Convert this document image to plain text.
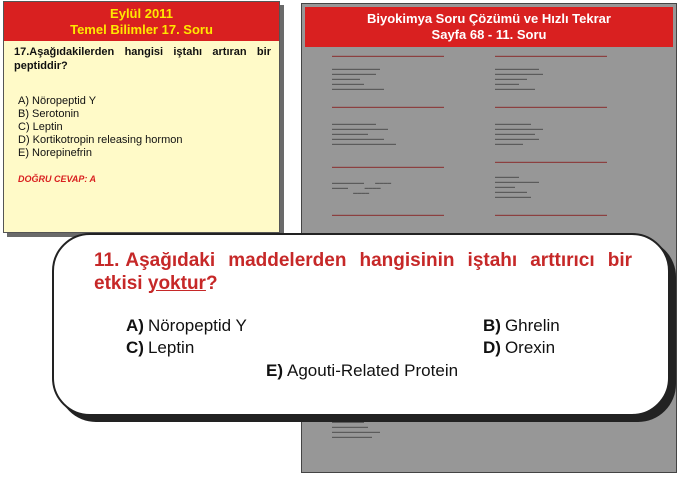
Eylül 2011
Temel Bilimler 17. Soru
17.Aşağıdakilerden hangisi iştahı artıran bir peptiddir?
A) Nöropeptid Y
B) Serotonin
C) Leptin
D) Kortikotropin releasing hormon
E) Norepinefrin
DOĞRU CEVAP: A
Biyokimya Soru Çözümü ve Hızlı Tekrar
Sayfa 68 - 11. Soru
▬▬▬▬▬▬▬▬▬▬▬▬▬▬▬▬▬▬▬▬▬▬▬▬▬▬▬▬	▬▬▬▬▬▬▬▬▬▬▬▬▬▬▬▬▬▬▬▬▬▬▬▬▬▬▬▬
▬▬▬▬▬▬▬▬▬▬▬▬
▬▬▬▬▬▬▬▬▬▬▬
▬▬▬▬▬▬▬
▬▬▬▬▬▬▬▬
▬▬▬▬▬▬▬▬▬▬▬▬▬
▬▬▬▬▬▬▬▬▬▬▬
▬▬▬▬▬▬▬▬▬▬▬▬
▬▬▬▬▬▬▬▬
▬▬▬▬▬▬
▬▬▬▬▬▬▬▬▬▬
▬▬▬▬▬▬▬▬▬▬▬▬▬▬▬▬▬▬▬▬▬▬▬▬▬▬▬▬	▬▬▬▬▬▬▬▬▬▬▬▬▬▬▬▬▬▬▬▬▬▬▬▬▬▬▬▬
▬▬▬▬▬▬▬▬▬▬▬
▬▬▬▬▬▬▬▬▬▬▬▬▬▬
▬▬▬▬▬▬▬▬▬
▬▬▬▬▬▬▬▬▬▬▬▬▬
▬▬▬▬▬▬▬▬▬▬▬▬▬▬▬▬
▬▬▬▬▬▬▬▬▬
▬▬▬▬▬▬▬▬▬▬▬▬
▬▬▬▬▬▬▬▬▬▬
▬▬▬▬▬▬▬▬▬▬▬
▬▬▬▬▬▬▬
▬▬▬▬▬▬▬▬▬▬▬▬▬▬▬▬▬▬▬▬▬▬▬▬▬▬▬▬
▬▬▬▬▬▬▬▬▬▬▬▬▬▬▬▬▬▬▬▬▬▬▬▬▬▬▬▬
▬▬▬▬▬▬▬▬          ▬▬▬▬
▬▬▬▬               ▬▬▬▬
▬▬▬▬
▬▬▬▬▬▬
▬▬▬▬▬▬▬▬▬▬▬
▬▬▬▬▬
▬▬▬▬▬▬▬▬
▬▬▬▬▬▬▬▬▬
▬▬▬▬▬▬▬▬▬▬▬▬▬▬▬▬▬▬▬▬▬▬▬▬▬▬▬▬	▬▬▬▬▬▬▬▬▬▬▬▬▬▬▬▬▬▬▬▬▬▬▬▬▬▬▬▬
▬▬▬▬▬▬▬▬
▬▬▬▬▬▬▬▬▬
▬▬▬▬▬▬▬▬▬▬▬▬
▬▬▬▬▬▬▬▬▬▬
11. Aşağıdaki maddelerden hangisinin iştahı arttırıcı bir etkisi yoktur?
A) Nöropeptid Y	B) Ghrelin
C) Leptin	D) Orexin
E) Agouti-Related Protein
